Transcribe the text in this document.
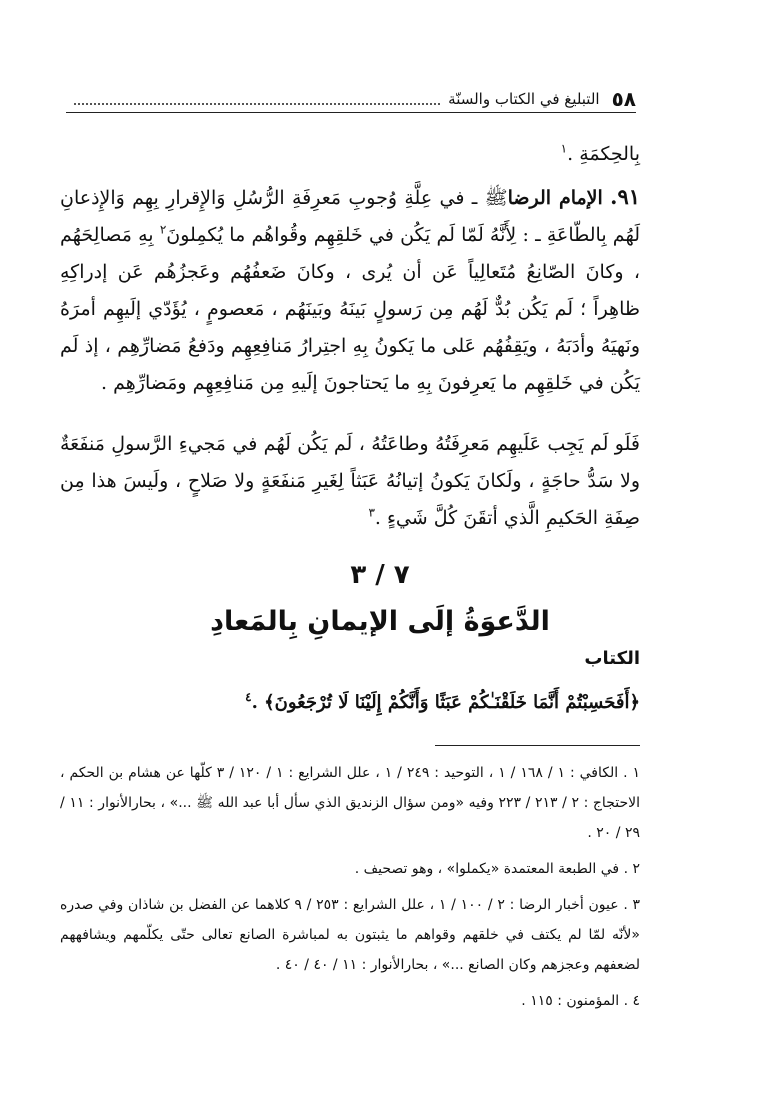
٥٨
التبليغ في الكتاب والسنّة
بِالحِكمَةِ .$^١$
٩١. الإمام الرضاﷺ ـ في عِلَّةِ وُجوبِ مَعرِفَةِ الرُّسُلِ وَالإِقرارِ بِهِم وَالإِذعانِ لَهُم بِالطّاعَةِ ـ : لِأَنَّهُ لَمّا لَم يَكُن في خَلقِهِم وقُواهُم ما يُكمِلونَ$^٢$ بِهِ مَصالِحَهُم ، وكانَ الصّانِعُ مُتَعالِياً عَن أن يُرى ، وكانَ ضَعفُهُم وعَجزُهُم عَن إدراكِهِ ظاهِراً ؛ لَم يَكُن بُدٌّ لَهُم مِن رَسولٍ بَينَهُ وبَينَهُم ، مَعصومٍ ، يُؤَدّي إلَيهِم أمرَهُ ونَهيَهُ وأدَبَهُ ، ويَقِفُهُم عَلى ما يَكونُ بِهِ اجتِرارُ مَنافِعِهِم ودَفعُ مَضارِّهِم ، إذ لَم يَكُن في خَلقِهِم ما يَعرِفونَ بِهِ ما يَحتاجونَ إلَيهِ مِن مَنافِعِهِم ومَضارِّهِم .
فَلَو لَم يَجِب عَلَيهِم مَعرِفَتُهُ وطاعَتُهُ ، لَم يَكُن لَهُم في مَجيءِ الرَّسولِ مَنفَعَةٌ ولا سَدُّ حاجَةٍ ، ولَكانَ يَكونُ إتيانُهُ عَبَثاً لِغَيرِ مَنفَعَةٍ ولا صَلاحٍ ، ولَيسَ هذا مِن صِفَةِ الحَكيمِ الَّذي أتقَنَ كُلَّ شَيءٍ .$^٣$
٧ / ٣
الدَّعوَةُ إلَى الإيمانِ بِالمَعادِ
الكتاب
﴿أَفَحَسِبْتُمْ أَنَّمَا خَلَقْنَـٰكُمْ عَبَثًا وَأَنَّكُمْ إِلَيْنَا لَا تُرْجَعُونَ﴾ .$^٤$
١ . الكافي : ١ / ١٦٨ / ١ ، التوحيد : ٢٤٩ / ١ ، علل الشرايع : ١ / ١٢٠ / ٣ كلّها عن هشام بن الحكم ، الاحتجاج : ٢ / ٢١٣ / ٢٢٣ وفيه «ومن سؤال الزنديق الذي سأل أبا عبد الله ﷺ ...» ، بحارالأنوار : ١١ / ٢٩ / ٢٠ .
٢ . في الطبعة المعتمدة «يكملوا» ، وهو تصحيف .
٣ . عيون أخبار الرضا : ٢ / ١٠٠ / ١ ، علل الشرايع : ٢٥٣ / ٩ كلاهما عن الفضل بن شاذان وفي صدره «لأنّه لمّا لم يكتف في خلقهم وقواهم ما يثبتون به لمباشرة الصانع تعالى حتّى يكلّمهم ويشافههم لضعفهم وعجزهم وكان الصانع ...» ، بحارالأنوار : ١١ / ٤٠ / ٤٠ .
٤ . المؤمنون : ١١٥ .
